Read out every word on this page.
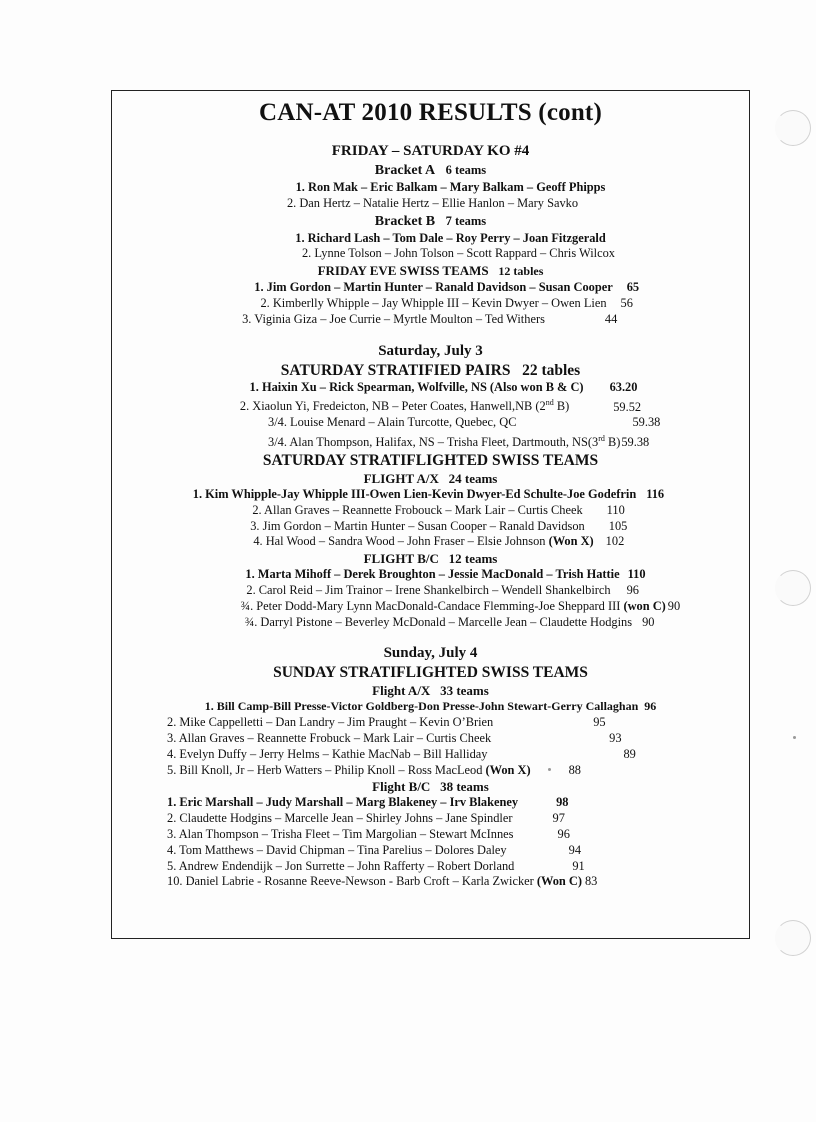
CAN-AT 2010 RESULTS (cont)
FRIDAY – SATURDAY KO #4
Bracket A 6 teams
1. Ron Mak – Eric Balkam – Mary Balkam – Geoff Phipps
2. Dan Hertz – Natalie Hertz – Ellie Hanlon – Mary Savko
Bracket B 7 teams
1. Richard Lash – Tom Dale – Roy Perry – Joan Fitzgerald
2. Lynne Tolson – John Tolson – Scott Rappard – Chris Wilcox
FRIDAY EVE SWISS TEAMS 12 tables
1. Jim Gordon – Martin Hunter – Ranald Davidson – Susan Cooper 65
2. Kimberlly Whipple – Jay Whipple III – Kevin Dwyer – Owen Lien 56
3. Viginia Giza – Joe Currie – Myrtle Moulton – Ted Withers	44
Saturday, July 3
SATURDAY STRATIFIED PAIRS 22 tables
1. Haixin Xu – Rick Spearman, Wolfville, NS (Also won B & C) 63.20
2. Xiaolun Yi, Fredeicton, NB – Peter Coates, Hanwell,NB (2nd B)	59.52
3/4. Louise Menard – Alain Turcotte, Quebec, QC	59.38
3/4. Alan Thompson, Halifax, NS – Trisha Fleet, Dartmouth, NS(3rd B)59.38
SATURDAY STRATIFLIGHTED SWISS TEAMS
FLIGHT A/X 24 teams
1. Kim Whipple-Jay Whipple III-Owen Lien-Kevin Dwyer-Ed Schulte-Joe Godefrin 116
2. Allan Graves – Reannette Frobouck – Mark Lair – Curtis Cheek 110
3. Jim Gordon – Martin Hunter – Susan Cooper – Ranald Davidson 105
4. Hal Wood – Sandra Wood – John Fraser – Elsie Johnson (Won X) 102
FLIGHT B/C 12 teams
1. Marta Mihoff – Derek Broughton – Jessie MacDonald – Trish Hattie 110
2. Carol Reid – Jim Trainor – Irene Shankelbirch – Wendell Shankelbirch 96
¾. Peter Dodd-Mary Lynn MacDonald-Candace Flemming-Joe Sheppard III (won C) 90
¾. Darryl Pistone – Beverley McDonald – Marcelle Jean – Claudette Hodgins 90
Sunday, July 4
SUNDAY STRATIFLIGHTED SWISS TEAMS
Flight A/X 33 teams
1. Bill Camp-Bill Presse-Victor Goldberg-Don Presse-John Stewart-Gerry Callaghan 96
2. Mike Cappelletti – Dan Landry – Jim Praught – Kevin O’Brien	95
3. Allan Graves – Reannette Frobuck – Mark Lair – Curtis Cheek	93
4. Evelyn Duffy – Jerry Helms – Kathie MacNab – Bill Halliday	89
5. Bill Knoll, Jr – Herb Watters – Philip Knoll – Ross MacLeod (Won X)	88
Flight B/C 38 teams
1. Eric Marshall – Judy Marshall – Marg Blakeney – Irv Blakeney	98
2. Claudette Hodgins – Marcelle Jean – Shirley Johns – Jane Spindler	97
3. Alan Thompson – Trisha Fleet – Tim Margolian – Stewart McInnes	96
4. Tom Matthews – David Chipman – Tina Parelius – Dolores Daley	94
5. Andrew Endendijk – Jon Surrette – John Rafferty – Robert Dorland	91
10. Daniel Labrie - Rosanne Reeve-Newson - Barb Croft – Karla Zwicker (Won C) 83
